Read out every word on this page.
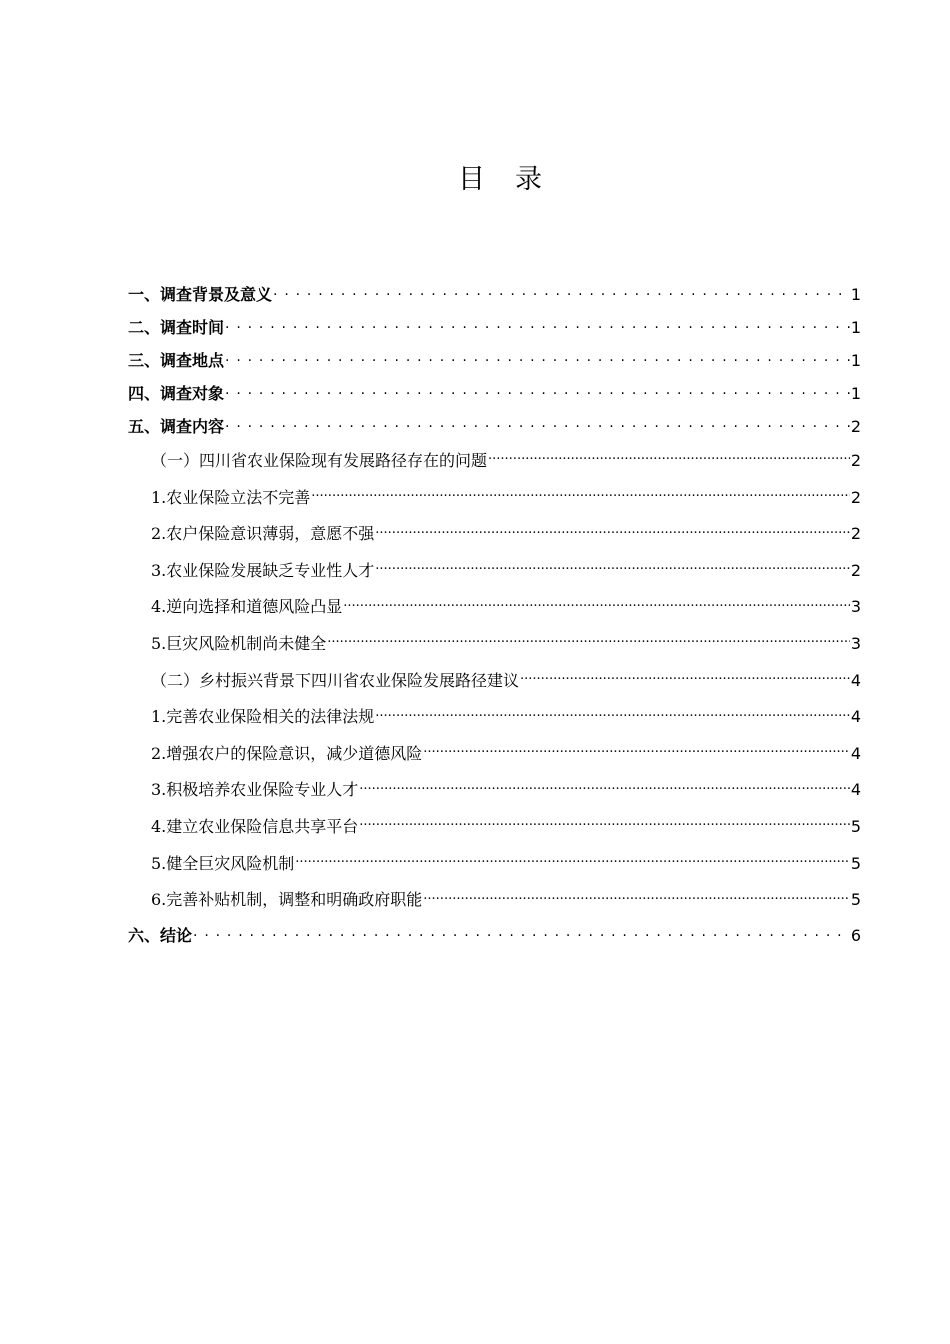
目 录
一、调查背景及意义 . . .	1
二、调查时间 . . .	1
三、调查地点 . . .	1
四、调查对象 . . .	1
五、调查内容 . . .	2
（一）四川省农业保险现有发展路径存在的问题 .....	2
1.农业保险立法不完善 .....	2
2.农户保险意识薄弱，意愿不强 .....	2
3.农业保险发展缺乏专业性人才 .....	2
4.逆向选择和道德风险凸显 .....	3
5.巨灾风险机制尚未健全 .....	3
（二）乡村振兴背景下四川省农业保险发展路径建议 .....	4
1.完善农业保险相关的法律法规 .....	4
2.增强农户的保险意识，减少道德风险 .....	4
3.积极培养农业保险专业人才 .....	4
4.建立农业保险信息共享平台 .....	5
5.健全巨灾风险机制 .....	5
6.完善补贴机制，调整和明确政府职能 .....	5
六、结论 . . .	6
